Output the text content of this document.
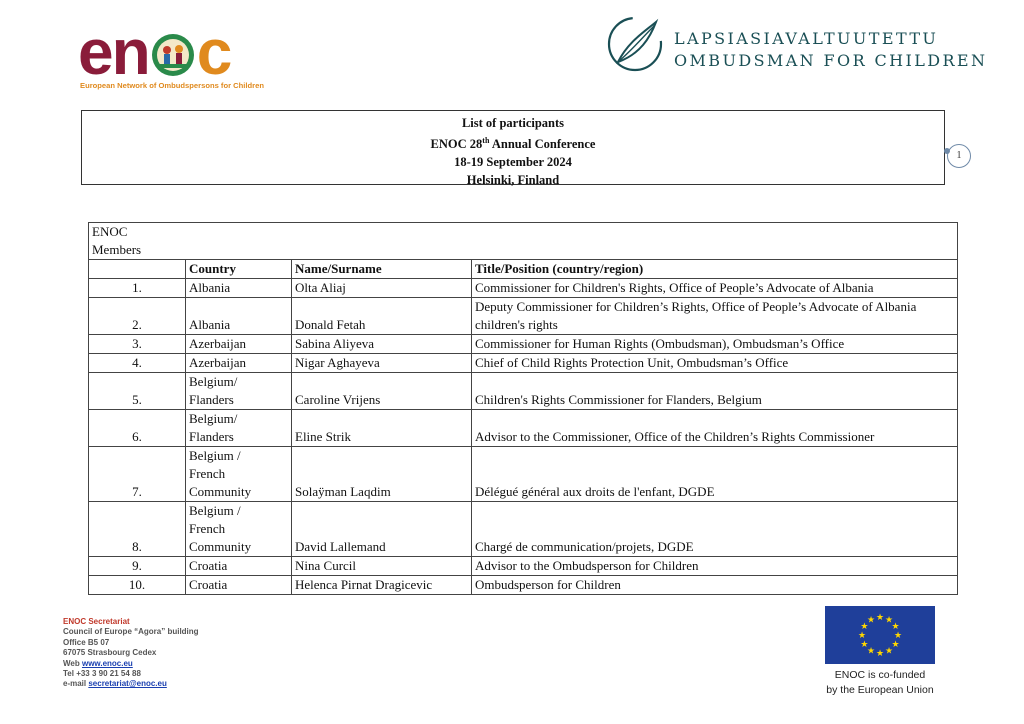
e n c
European Network of Ombudspersons for Children
LAPSIASIAVALTUUTETTU
OMBUDSMAN FOR CHILDREN
List of participants
ENOC 28th Annual Conference
18-19 September 2024
Helsinki, Finland
1
ENOC
Members			
	Country	Name/Surname	Title/Position (country/region)
1.	Albania	Olta Aliaj	Commissioner for Children's Rights, Office of People’s Advocate of Albania
2.	Albania	Donald Fetah	Deputy Commissioner for Children’s Rights, Office of People’s Advocate of Albania children's rights
3.	Azerbaijan	Sabina Aliyeva	Commissioner for Human Rights (Ombudsman), Ombudsman’s Office
4.	Azerbaijan	Nigar Aghayeva	Chief of Child Rights Protection Unit, Ombudsman’s Office
5.	Belgium/
Flanders	Caroline Vrijens	Children's Rights Commissioner for Flanders, Belgium
6.	Belgium/
Flanders	Eline Strik	Advisor to the Commissioner, Office of the Children’s Rights Commissioner
7.	Belgium /
French
Community	Solaÿman Laqdim	Délégué général aux droits de l'enfant, DGDE
8.	Belgium /
French
Community	David Lallemand	Chargé de communication/projets, DGDE
9.	Croatia	Nina Curcil	Advisor to the Ombudsperson for Children
10.	Croatia	Helenca Pirnat Dragicevic	Ombudsperson for Children
ENOC Secretariat
Council of Europe “Agora” building
Office B5 07
67075 Strasbourg Cedex
Web www.enoc.eu
Tel +33 3 90 21 54 88
e-mail secretariat@enoc.eu
★ ★
★
★
★
★
★
★
★
★
★
★
ENOC is co-funded
by the European Union
